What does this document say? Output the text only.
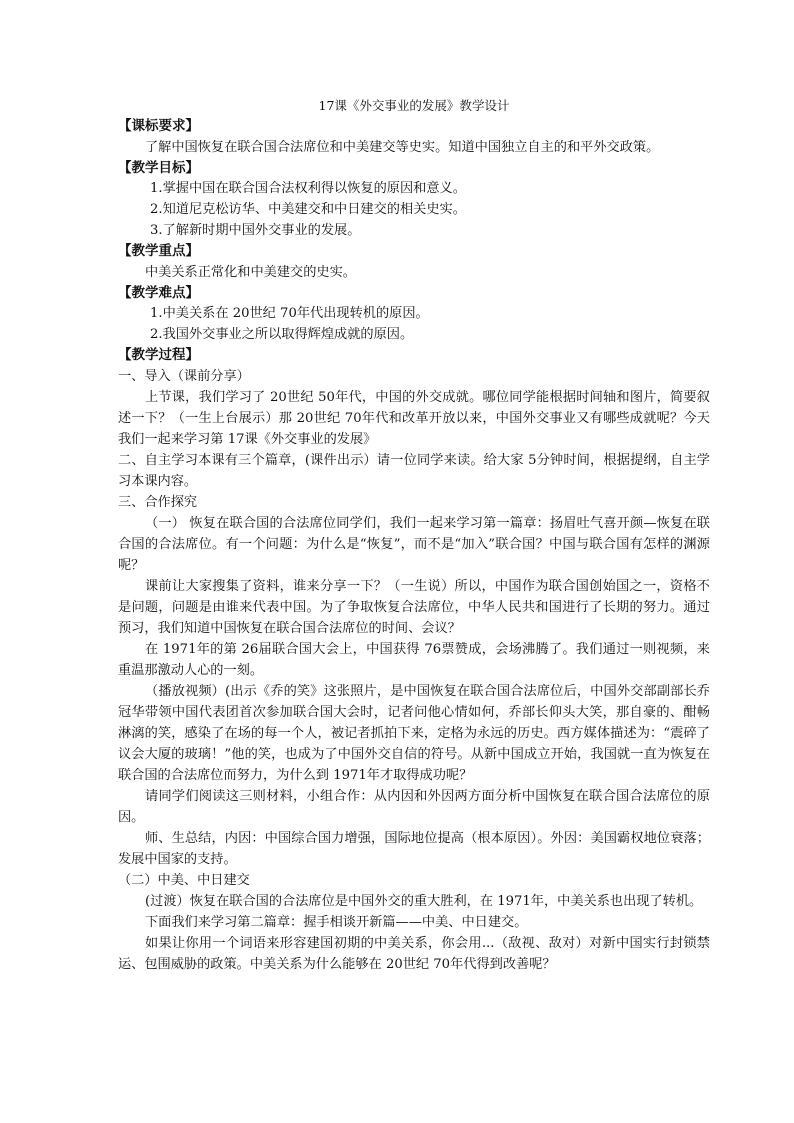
17课《外交事业的发展》教学设计
【课标要求】

了解中国恢复在联合国合法席位和中美建交等史实。知道中国独立自主的和平外交政策。

【教学目标】

1.掌握中国在联合国合法权利得以恢复的原因和意义。

2.知道尼克松访华、中美建交和中日建交的相关史实。

3.了解新时期中国外交事业的发展。

【教学重点】

中美关系正常化和中美建交的史实。

【教学难点】

1.中美关系在 20世纪 70年代出现转机的原因。

2.我国外交事业之所以取得辉煌成就的原因。

【教学过程】

一、导入（课前分享）

上节课，我们学习了 20世纪 50年代，中国的外交成就。哪位同学能根据时间轴和图片，简要叙述一下？（一生上台展示）那 20世纪 70年代和改革开放以来，中国外交事业又有哪些成就呢？今天我们一起来学习第 17课《外交事业的发展》

二、自主学习本课有三个篇章，(课件出示）请一位同学来读。给大家 5分钟时间，根据提纲，自主学习本课内容。

三、合作探究

（一） 恢复在联合国的合法席位同学们，我们一起来学习第一篇章：扬眉吐气喜开颜—恢复在联合国的合法席位。有一个问题：为什么是“恢复”，而不是“加入”联合国？中国与联合国有怎样的渊源呢？

课前让大家搜集了资料，谁来分享一下？（一生说）所以，中国作为联合国创始国之一，资格不是问题，问题是由谁来代表中国。为了争取恢复合法席位，中华人民共和国进行了长期的努力。通过预习，我们知道中国恢复在联合国合法席位的时间、会议？

在 1971年的第 26届联合国大会上，中国获得 76票赞成，会场沸腾了。我们通过一则视频，来重温那激动人心的一刻。

（播放视频）(出示《乔的笑》这张照片，是中国恢复在联合国合法席位后，中国外交部副部长乔冠华带领中国代表团首次参加联合国大会时，记者问他心情如何，乔部长仰头大笑，那自豪的、酣畅淋漓的笑，感染了在场的每一个人，被记者抓拍下来，定格为永远的历史。西方媒体描述为：“震碎了议会大厦的玻璃！”他的笑，也成为了中国外交自信的符号。从新中国成立开始，我国就一直为恢复在联合国的合法席位而努力，为什么到 1971年才取得成功呢？

请同学们阅读这三则材料，小组合作：从内因和外因两方面分析中国恢复在联合国合法席位的原因。

师、生总结，内因：中国综合国力增强，国际地位提高（根本原因）。外因：美国霸权地位衰落；发展中国家的支持。

（二）中美、中日建交

(过渡）恢复在联合国的合法席位是中国外交的重大胜利，在 1971年，中美关系也出现了转机。

下面我们来学习第二篇章：握手相谈开新篇——中美、中日建交。

如果让你用一个词语来形容建国初期的中美关系，你会用...（敌视、敌对）对新中国实行封锁禁运、包围威胁的政策。中美关系为什么能够在 20世纪 70年代得到改善呢？
